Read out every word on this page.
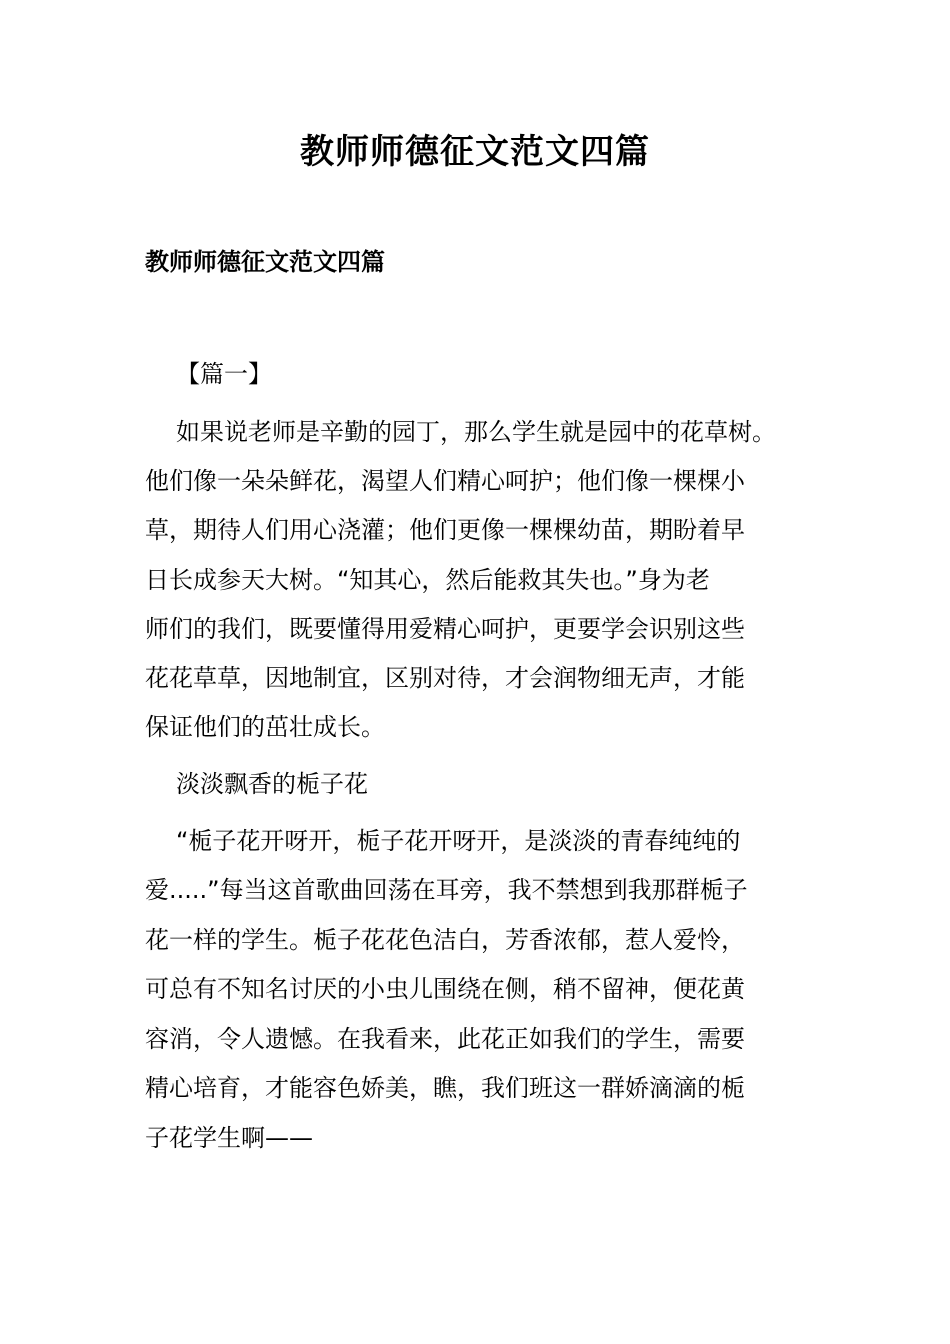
教师师德征文范文四篇
教师师德征文范文四篇
【篇一】
如果说老师是辛勤的园丁，那么学生就是园中的花草树。
他们像一朵朵鲜花，渴望人们精心呵护；他们像一棵棵小
草，期待人们用心浇灌；他们更像一棵棵幼苗，期盼着早
日长成参天大树。“知其心，然后能救其失也。”身为老
师们的我们，既要懂得用爱精心呵护，更要学会识别这些
花花草草，因地制宜，区别对待，才会润物细无声，才能
保证他们的茁壮成长。
淡淡飘香的栀子花
“栀子花开呀开，栀子花开呀开，是淡淡的青春纯纯的
爱.....”每当这首歌曲回荡在耳旁，我不禁想到我那群栀子
花一样的学生。栀子花花色洁白，芳香浓郁，惹人爱怜，
可总有不知名讨厌的小虫儿围绕在侧，稍不留神，便花黄
容消，令人遗憾。在我看来，此花正如我们的学生，需要
精心培育，才能容色娇美，瞧，我们班这一群娇滴滴的栀
子花学生啊——
